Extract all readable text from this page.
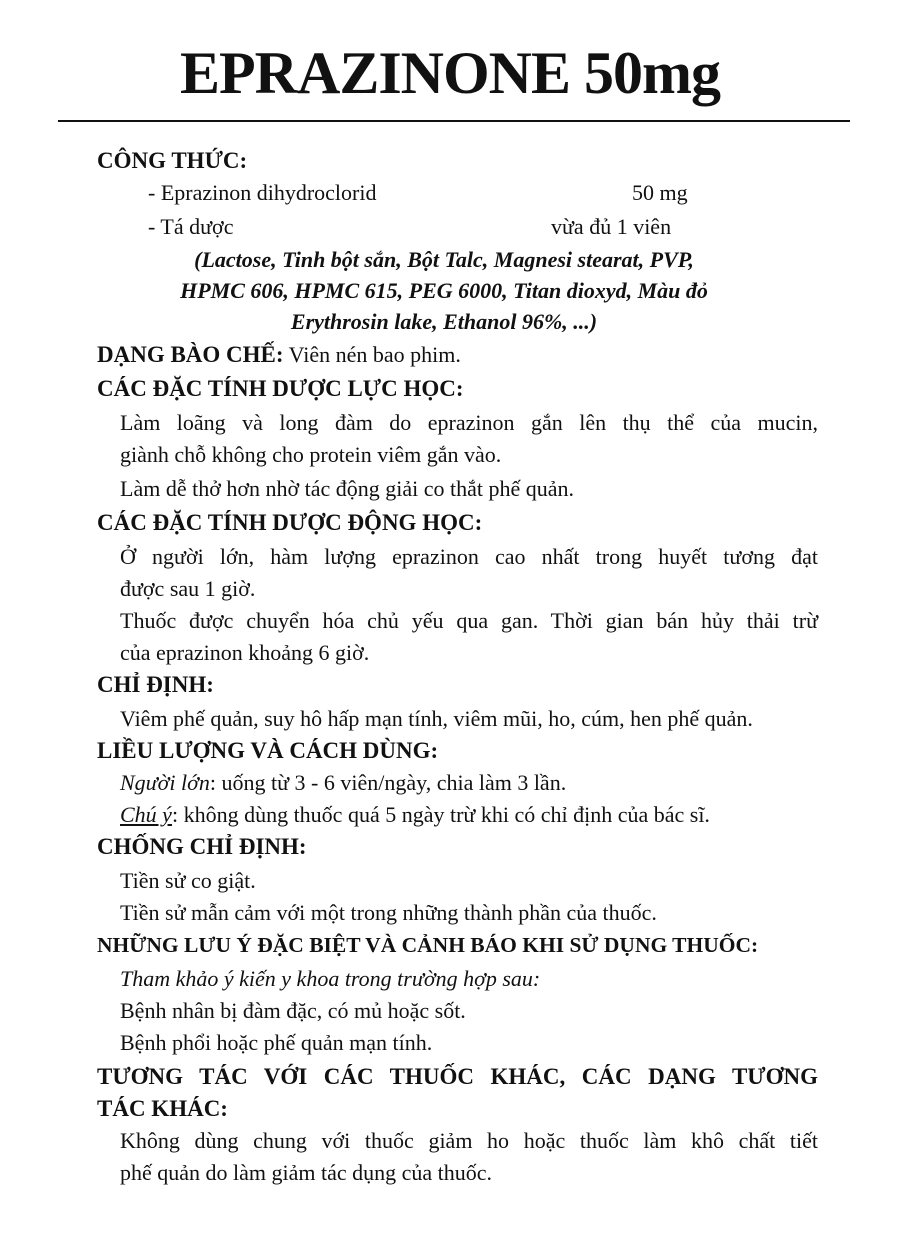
EPRAZINONE 50mg
CÔNG THỨC:
- Eprazinon dihydroclorid	50 mg
- Tá dược	vừa đủ 1 viên
(Lactose, Tinh bột sắn, Bột Talc, Magnesi stearat, PVP,
HPMC 606, HPMC 615, PEG 6000, Titan dioxyd, Màu đỏ
Erythrosin lake, Ethanol 96%, ...)
DẠNG BÀO CHẾ: Viên nén bao phim.
CÁC ĐẶC TÍNH DƯỢC LỰC HỌC:
Làm loãng và long đàm do eprazinon gắn lên thụ thể của mucin,
giành chỗ không cho protein viêm gắn vào.
Làm dễ thở hơn nhờ tác động giải co thắt phế quản.
CÁC ĐẶC TÍNH DƯỢC ĐỘNG HỌC:
Ở người lớn, hàm lượng eprazinon cao nhất trong huyết tương đạt
được sau 1 giờ.
Thuốc được chuyển hóa chủ yếu qua gan. Thời gian bán hủy thải trừ
của eprazinon khoảng 6 giờ.
CHỈ ĐỊNH:
Viêm phế quản, suy hô hấp mạn tính, viêm mũi, ho, cúm, hen phế quản.
LIỀU LƯỢNG VÀ CÁCH DÙNG:
Người lớn: uống từ 3 - 6 viên/ngày, chia làm 3 lần.
Chú ý: không dùng thuốc quá 5 ngày trừ khi có chỉ định của bác sĩ.
CHỐNG CHỈ ĐỊNH:
Tiền sử co giật.
Tiền sử mẫn cảm với một trong những thành phần của thuốc.
NHỮNG LƯU Ý ĐẶC BIỆT VÀ CẢNH BÁO KHI SỬ DỤNG THUỐC:
Tham khảo ý kiến y khoa trong trường hợp sau:
Bệnh nhân bị đàm đặc, có mủ hoặc sốt.
Bệnh phổi hoặc phế quản mạn tính.
TƯƠNG TÁC VỚI CÁC THUỐC KHÁC, CÁC DẠNG TƯƠNG
TÁC KHÁC:
Không dùng chung với thuốc giảm ho hoặc thuốc làm khô chất tiết
phế quản do làm giảm tác dụng của thuốc.
